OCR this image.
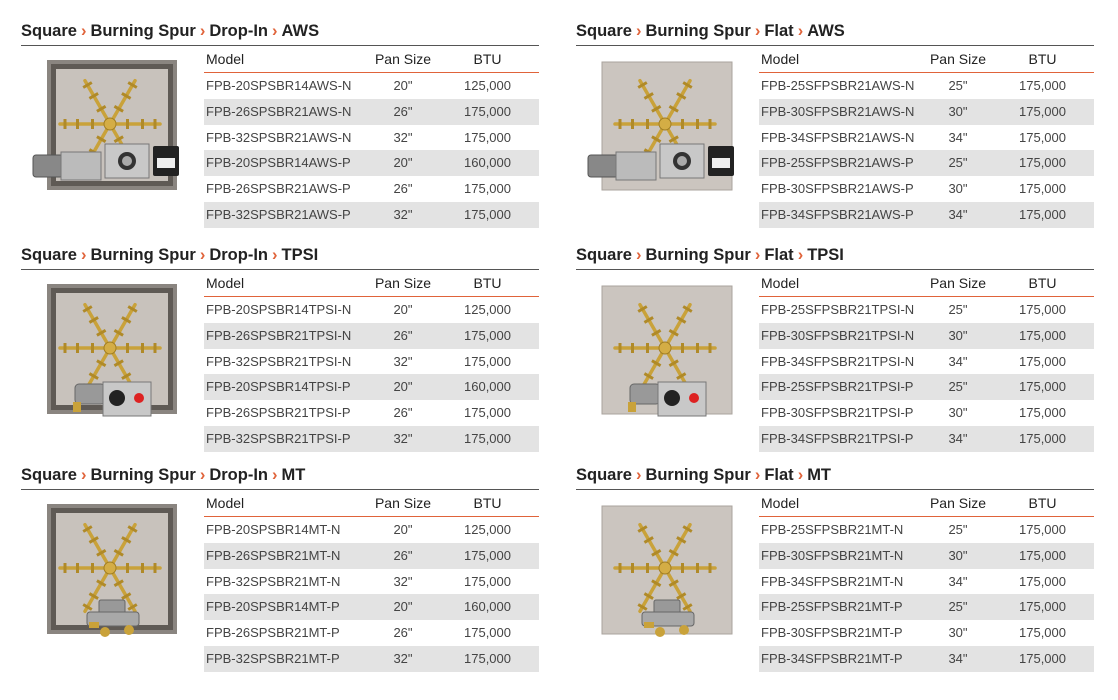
Square › Burning Spur › Drop-In › AWS
Model	Pan Size	BTU
FPB-20SPSBR14AWS-N	20"	125,000
FPB-26SPSBR21AWS-N	26"	175,000
FPB-32SPSBR21AWS-N	32"	175,000
FPB-20SPSBR14AWS-P	20"	160,000
FPB-26SPSBR21AWS-P	26"	175,000
FPB-32SPSBR21AWS-P	32"	175,000
Square › Burning Spur › Flat › AWS
Model	Pan Size	BTU
FPB-25SFPSBR21AWS-N	25"	175,000
FPB-30SFPSBR21AWS-N	30"	175,000
FPB-34SFPSBR21AWS-N	34"	175,000
FPB-25SFPSBR21AWS-P	25"	175,000
FPB-30SFPSBR21AWS-P	30"	175,000
FPB-34SFPSBR21AWS-P	34"	175,000
Square › Burning Spur › Drop-In › TPSI
Model	Pan Size	BTU
FPB-20SPSBR14TPSI-N	20"	125,000
FPB-26SPSBR21TPSI-N	26"	175,000
FPB-32SPSBR21TPSI-N	32"	175,000
FPB-20SPSBR14TPSI-P	20"	160,000
FPB-26SPSBR21TPSI-P	26"	175,000
FPB-32SPSBR21TPSI-P	32"	175,000
Square › Burning Spur › Flat › TPSI
Model	Pan Size	BTU
FPB-25SFPSBR21TPSI-N	25"	175,000
FPB-30SFPSBR21TPSI-N	30"	175,000
FPB-34SFPSBR21TPSI-N	34"	175,000
FPB-25SFPSBR21TPSI-P	25"	175,000
FPB-30SFPSBR21TPSI-P	30"	175,000
FPB-34SFPSBR21TPSI-P	34"	175,000
Square › Burning Spur › Drop-In › MT
Model	Pan Size	BTU
FPB-20SPSBR14MT-N	20"	125,000
FPB-26SPSBR21MT-N	26"	175,000
FPB-32SPSBR21MT-N	32"	175,000
FPB-20SPSBR14MT-P	20"	160,000
FPB-26SPSBR21MT-P	26"	175,000
FPB-32SPSBR21MT-P	32"	175,000
Square › Burning Spur › Flat › MT
Model	Pan Size	BTU
FPB-25SFPSBR21MT-N	25"	175,000
FPB-30SFPSBR21MT-N	30"	175,000
FPB-34SFPSBR21MT-N	34"	175,000
FPB-25SFPSBR21MT-P	25"	175,000
FPB-30SFPSBR21MT-P	30"	175,000
FPB-34SFPSBR21MT-P	34"	175,000
